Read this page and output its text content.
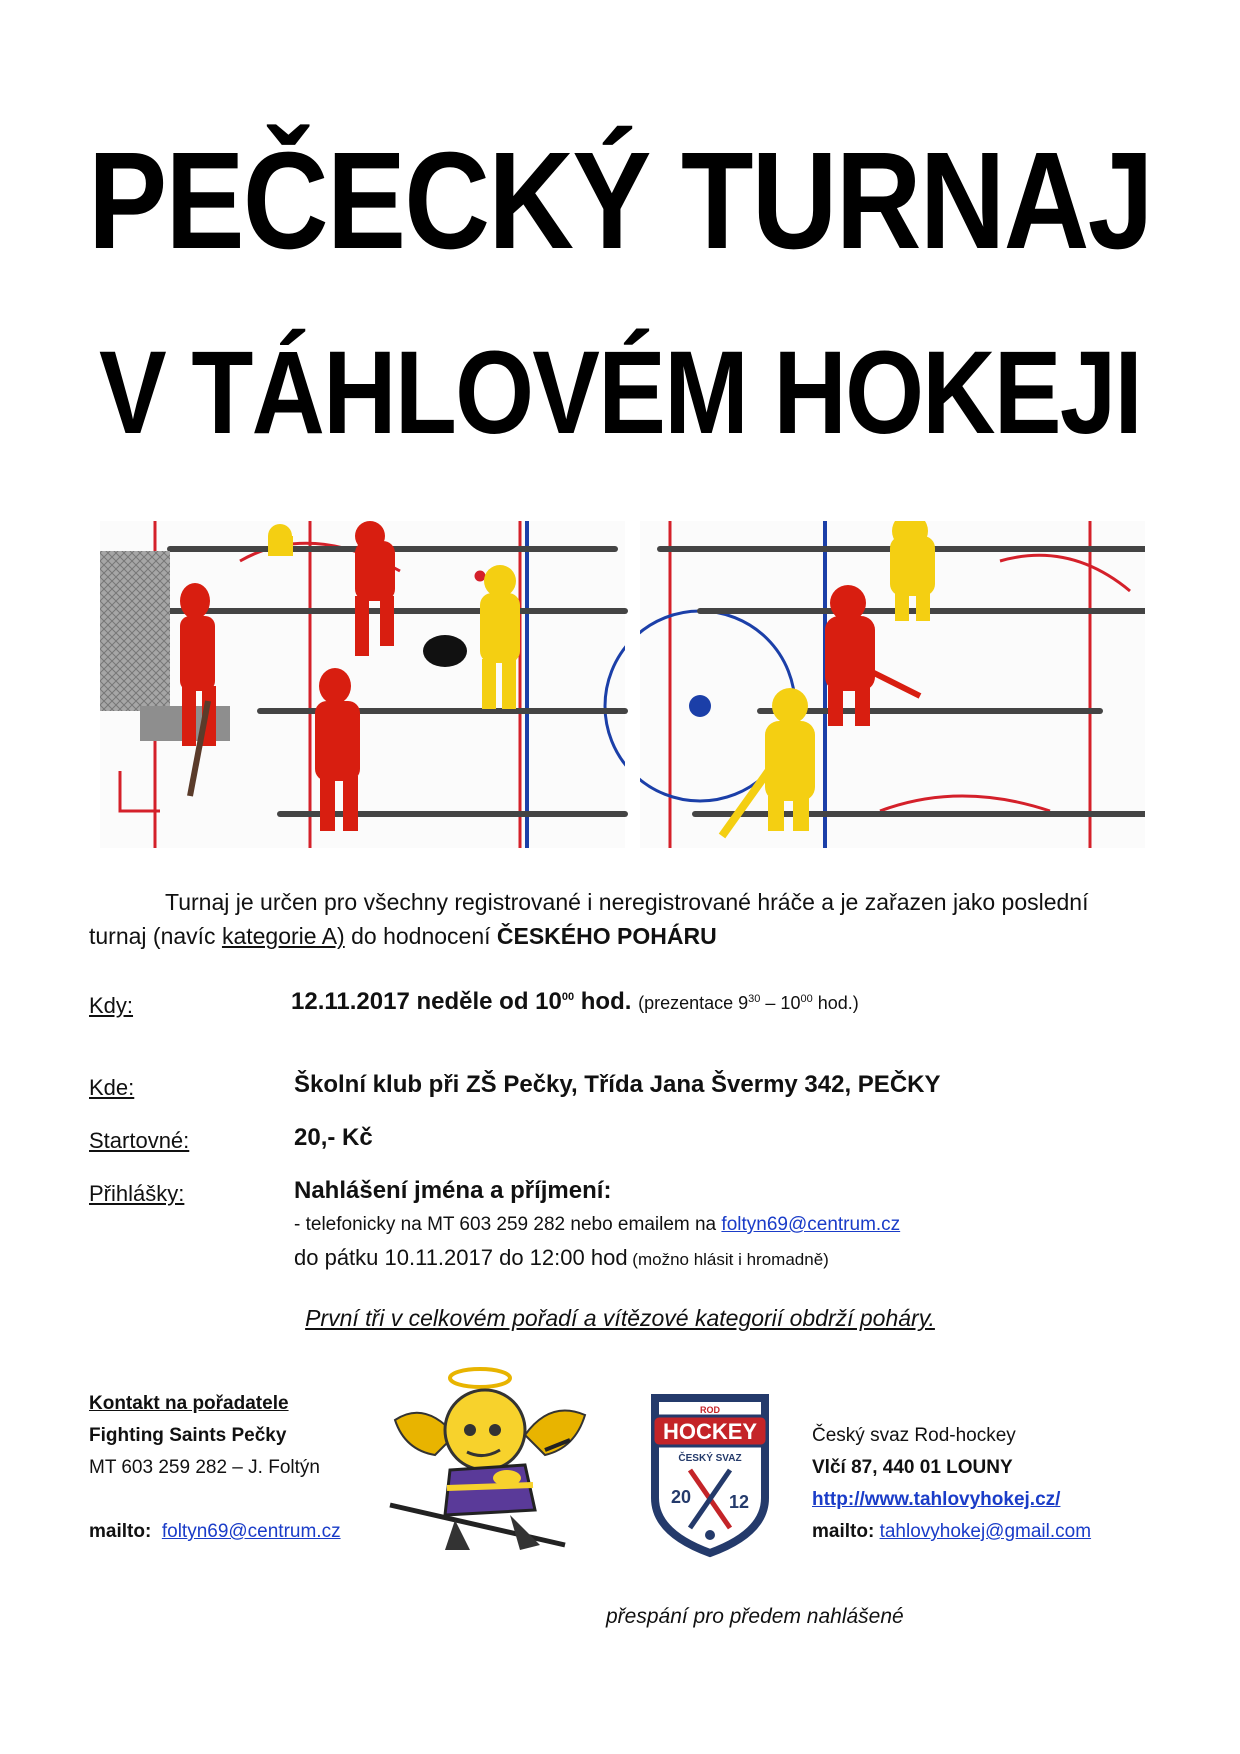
PEČECKÝ TURNAJ
V TÁHLOVÉM HOKEJI
Turnaj je určen pro všechny registrované i neregistrované hráče a je zařazen jako poslední
turnaj (navíc kategorie A) do hodnocení ČESKÉHO POHÁRU
Kdy:	12.11.2017 neděle od $10^{00}$ hod. (prezentace $9^{30} - 10^{00}$ hod.)
Kde:	Školní klub při ZŠ Pečky, Třída Jana Švermy 342, PEČKY
Startovné:	20,- Kč
Přihlášky:	Nahlášení jména a příjmení:
- telefonicky na MT 603 259 282 nebo emailem na foltyn69@centrum.cz
do pátku 10.11.2017 do 12:00 hod (možno hlásit i hromadně)
První tři v celkovém pořadí a vítězové kategorií obdrží poháry.
Kontakt na pořadatele
Fighting Saints Pečky
MT 603 259 282 – J. Foltýn
mailto: foltyn69@centrum.cz
ROD
HOCKEY
ČESKÝ SVAZ
20 12
Český svaz Rod-hockey
Vlčí 87, 440 01 LOUNY
http://www.tahlovyhokej.cz/
mailto: tahlovyhokej@gmail.com
přespání pro předem nahlášené
